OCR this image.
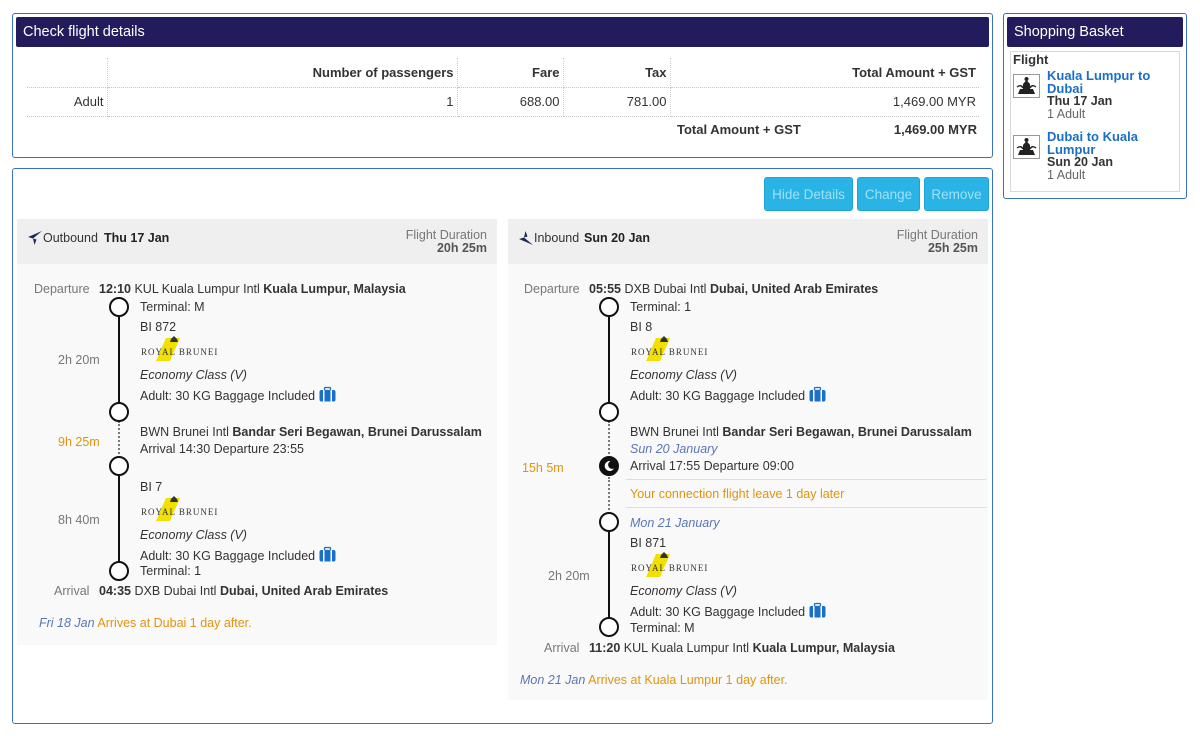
Check flight details
	Number of passengers	Fare	Tax	Total Amount + GST
Adult	1	688.00	781.00	1,469.00 MYR
Total Amount + GST	1,469.00 MYR
Shopping Basket
Flight
Kuala Lumpur to Dubai
Thu 17 Jan
1 Adult
Dubai to Kuala Lumpur
Sun 20 Jan
1 Adult
Hide Details	Change	Remove
Outbound Thu 17 Jan	Flight Duration
20h 25m
Departure 12:10 KUL Kuala Lumpur Intl Kuala Lumpur, Malaysia
Terminal: M
BI 872
ROYAL BRUNEI
2h 20m
Economy Class (V)
Adult: 30 KG Baggage Included
BWN Brunei Intl Bandar Seri Begawan, Brunei Darussalam
9h 25m	Arrival 14:30 Departure 23:55
BI 7
ROYAL BRUNEI
8h 40m
Economy Class (V)
Adult: 30 KG Baggage Included
Terminal: 1
Arrival 04:35 DXB Dubai Intl Dubai, United Arab Emirates
Fri 18 Jan Arrives at Dubai 1 day after.
Inbound Sun 20 Jan	Flight Duration
25h 25m
Departure 05:55 DXB Dubai Intl Dubai, United Arab Emirates
Terminal: 1
BI 8
ROYAL BRUNEI
Economy Class (V)
Adult: 30 KG Baggage Included
BWN Brunei Intl Bandar Seri Begawan, Brunei Darussalam
Sun 20 January
15h 5m	Arrival 17:55 Departure 09:00
Your connection flight leave 1 day later
Mon 21 January
BI 871
ROYAL BRUNEI
2h 20m
Economy Class (V)
Adult: 30 KG Baggage Included
Terminal: M
Arrival 11:20 KUL Kuala Lumpur Intl Kuala Lumpur, Malaysia
Mon 21 Jan Arrives at Kuala Lumpur 1 day after.
